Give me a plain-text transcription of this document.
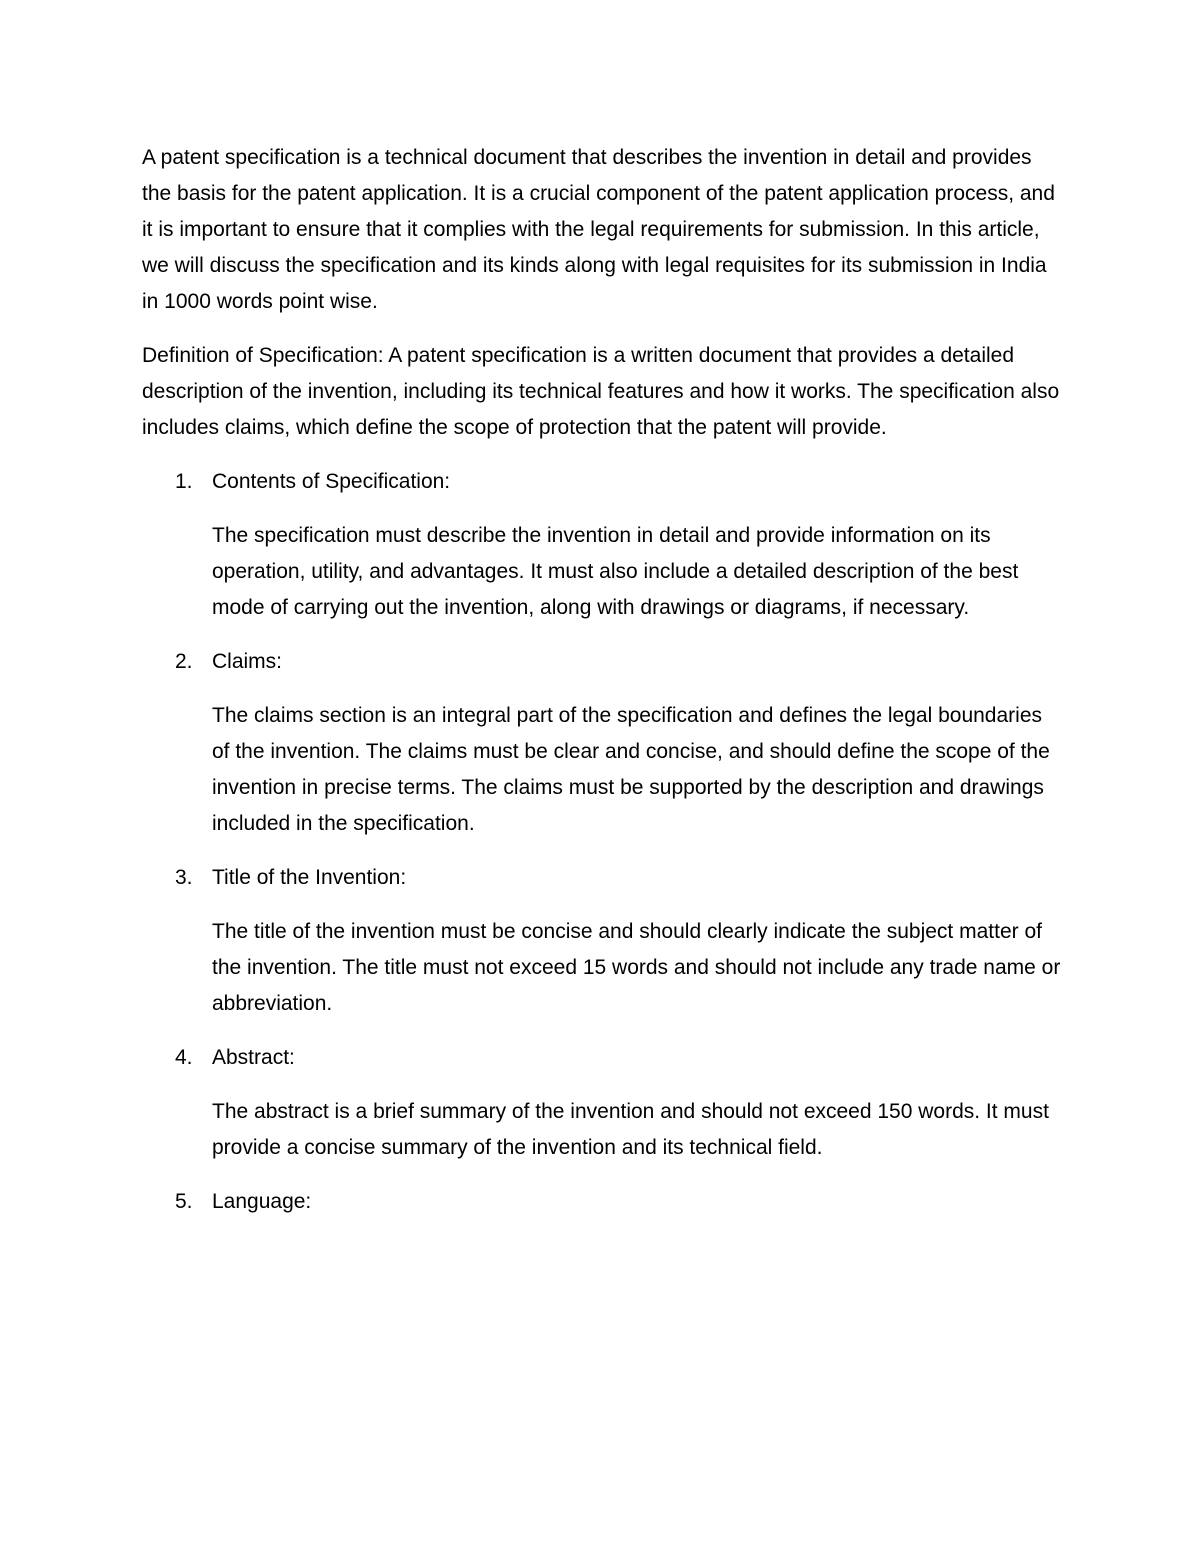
A patent specification is a technical document that describes the invention in detail and provides the basis for the patent application. It is a crucial component of the patent application process, and it is important to ensure that it complies with the legal requirements for submission. In this article, we will discuss the specification and its kinds along with legal requisites for its submission in India in 1000 words point wise.

Definition of Specification: A patent specification is a written document that provides a detailed description of the invention, including its technical features and how it works. The specification also includes claims, which define the scope of protection that the patent will provide.

1. Contents of Specification:
The specification must describe the invention in detail and provide information on its operation, utility, and advantages. It must also include a detailed description of the best mode of carrying out the invention, along with drawings or diagrams, if necessary.
2. Claims:
The claims section is an integral part of the specification and defines the legal boundaries of the invention. The claims must be clear and concise, and should define the scope of the invention in precise terms. The claims must be supported by the description and drawings included in the specification.
3. Title of the Invention:
The title of the invention must be concise and should clearly indicate the subject matter of the invention. The title must not exceed 15 words and should not include any trade name or abbreviation.
4. Abstract:
The abstract is a brief summary of the invention and should not exceed 150 words. It must provide a concise summary of the invention and its technical field.
5. Language:
